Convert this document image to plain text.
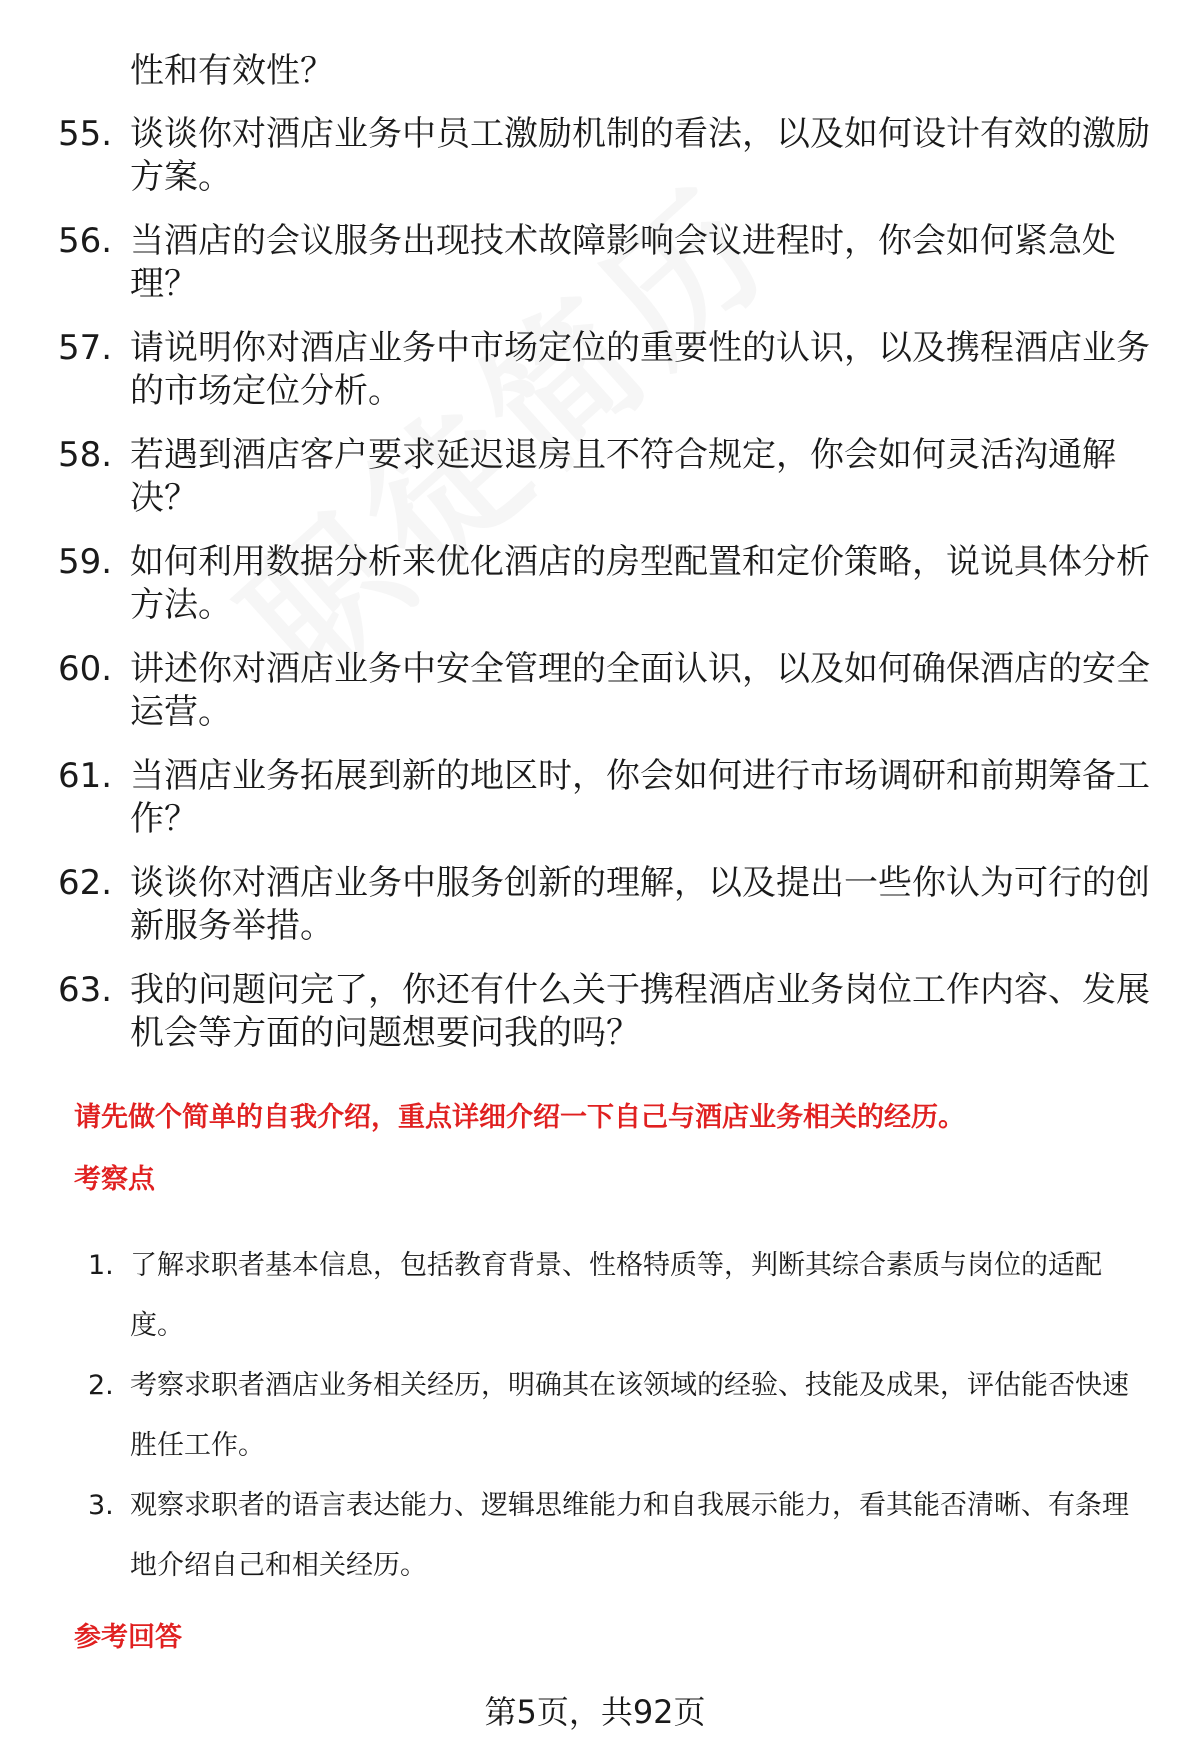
性和有效性？
55. 谈谈你对酒店业务中员工激励机制的看法，以及如何设计有效的激励方案。
56. 当酒店的会议服务出现技术故障影响会议进程时，你会如何紧急处理？
57. 请说明你对酒店业务中市场定位的重要性的认识，以及携程酒店业务的市场定位分析。
58. 若遇到酒店客户要求延迟退房且不符合规定，你会如何灵活沟通解决？
59. 如何利用数据分析来优化酒店的房型配置和定价策略，说说具体分析方法。
60. 讲述你对酒店业务中安全管理的全面认识，以及如何确保酒店的安全运营。
61. 当酒店业务拓展到新的地区时，你会如何进行市场调研和前期筹备工作？
62. 谈谈你对酒店业务中服务创新的理解，以及提出一些你认为可行的创新服务举措。
63. 我的问题问完了，你还有什么关于携程酒店业务岗位工作内容、发展机会等方面的问题想要问我的吗？
请先做个简单的自我介绍，重点详细介绍一下自己与酒店业务相关的经历。
考察点
1. 了解求职者基本信息，包括教育背景、性格特质等，判断其综合素质与岗位的适配度。
2. 考察求职者酒店业务相关经历，明确其在该领域的经验、技能及成果，评估能否快速胜任工作。
3. 观察求职者的语言表达能力、逻辑思维能力和自我展示能力，看其能否清晰、有条理地介绍自己和相关经历。
参考回答
第5页，共92页
